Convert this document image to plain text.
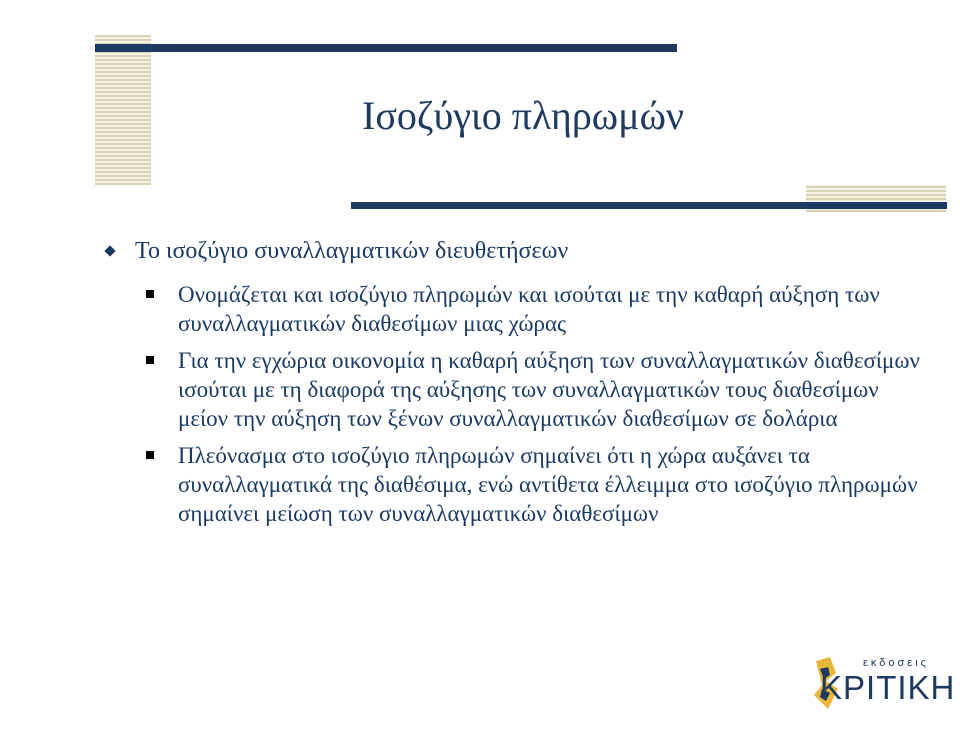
Ισοζύγιο πληρωμών
Το ισοζύγιο συναλλαγματικών διευθετήσεων
Ονομάζεται και ισοζύγιο πληρωμών και ισούται με την καθαρή αύξηση των συναλλαγματικών διαθεσίμων μιας χώρας
Για την εγχώρια οικονομία η καθαρή αύξηση των συναλλαγματικών διαθεσίμων ισούται με τη διαφορά της αύξησης των συναλλαγματικών τους διαθεσίμων μείον την αύξηση των ξένων συναλλαγματικών διαθεσίμων σε δολάρια
Πλεόνασμα στο ισοζύγιο πληρωμών σημαίνει ότι η χώρα αυξάνει τα συναλλαγματικά της διαθέσιμα, ενώ αντίθετα έλλειμμα στο ισοζύγιο πληρωμών σημαίνει μείωση των συναλλαγματικών διαθεσίμων
εκδοσεις
ΚΡΙΤΙΚΗ
